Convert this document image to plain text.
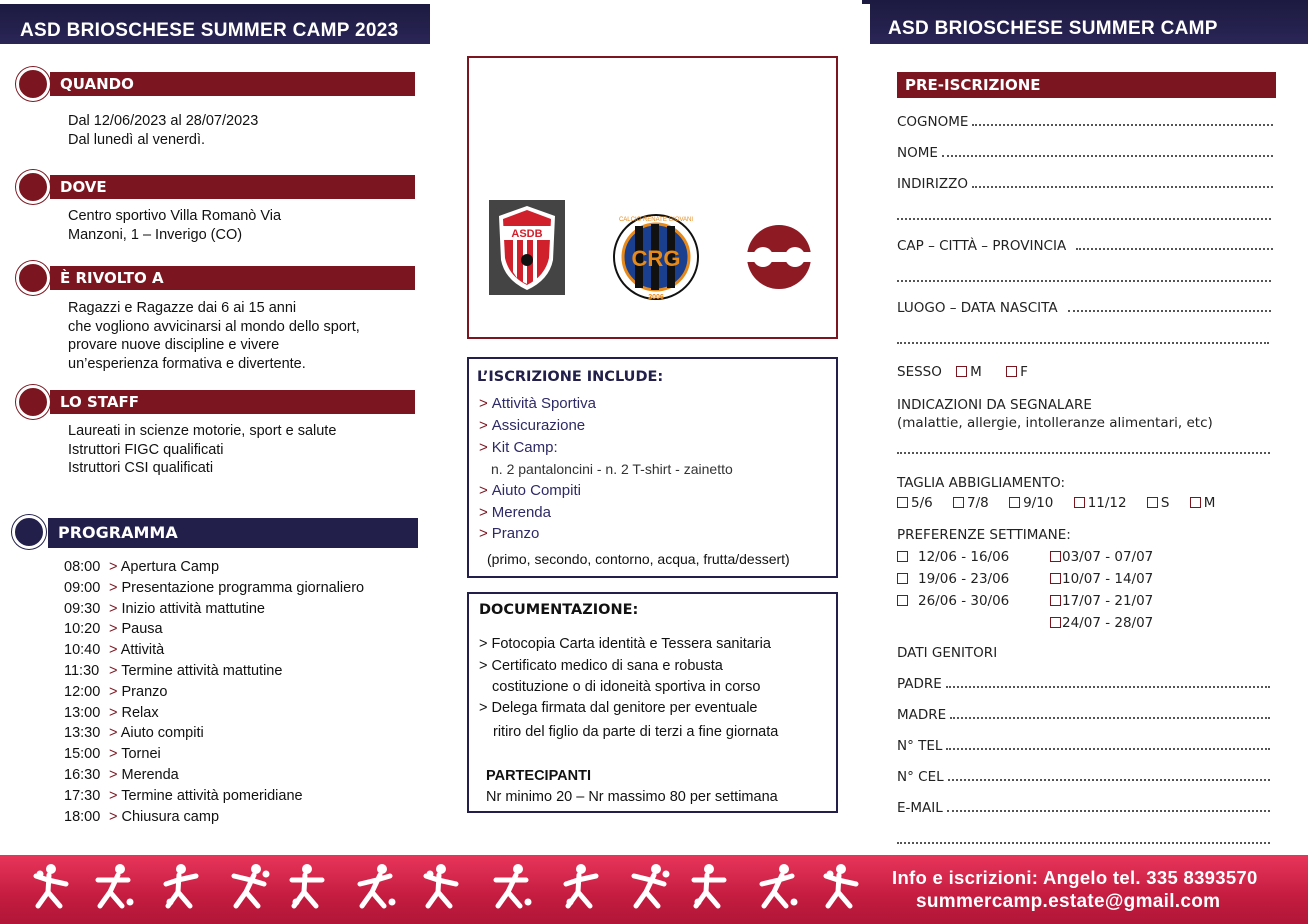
ASD BRIOSCHESE SUMMER CAMP 2023	ASD BRIOSCHESE SUMMER CAMP
QUANDO
Dal 12/06/2023 al 28/07/2023
Dal lunedì al venerdì.
DOVE
Centro sportivo Villa Romanò Via
Manzoni, 1 – Inverigo (CO)
È RIVOLTO A
Ragazzi e Ragazze dai 6 ai 15 anni
che vogliono avvicinarsi al mondo dello sport,
provare nuove discipline e vivere
un’esperienza formativa e divertente.
LO STAFF
Laureati in scienze motorie, sport e salute
Istruttori FIGC qualificati
Istruttori CSI qualificati
PROGRAMMA
08:00 > Apertura Camp
09:00 > Presentazione programma giornaliero
09:30 > Inizio attività mattutine
10:20 > Pausa
10:40 > Attività
11:30 > Termine attività mattutine
12:00 > Pranzo
13:00 > Relax
13:30 > Aiuto compiti
15:00 > Tornei
16:30 > Merenda
17:30 > Termine attività pomeridiane
18:00 > Chiusura camp
ASDB
CRG
CALCIO RENATE GIOVANI
2006
L’ISCRIZIONE INCLUDE:
> Attività Sportiva
> Assicurazione
> Kit Camp:
n. 2 pantaloncini - n. 2 T-shirt - zainetto
> Aiuto Compiti
> Merenda
> Pranzo
(primo, secondo, contorno, acqua, frutta/dessert)
DOCUMENTAZIONE:
> Fotocopia Carta identità e Tessera sanitaria
> Certificato medico di sana e robusta
costituzione o di idoneità sportiva in corso
> Delega firmata dal genitore per eventuale
ritiro del figlio da parte di terzi a fine giornata
PARTECIPANTI
Nr minimo 20 – Nr massimo 80 per settimana
PRE-ISCRIZIONE
COGNOME
NOME
INDIRIZZO
CAP – CITTÀ – PROVINCIA
LUOGO – DATA NASCITA
SESSO M	F
INDICAZIONI DA SEGNALARE
(malattie, allergie, intolleranze alimentari, etc)
TAGLIA ABBIGLIAMENTO:
5/6	7/8	9/10	11/12	S	M
PREFERENZE SETTIMANE:
12/06 - 16/06
19/06 - 23/06
26/06 - 30/06
03/07 - 07/07
10/07 - 14/07
17/07 - 21/07
24/07 - 28/07
DATI GENITORI
PADRE
MADRE
N° TEL
N° CEL
E-MAIL
Info e iscrizioni: Angelo tel. 335 8393570
summercamp.estate@gmail.com
